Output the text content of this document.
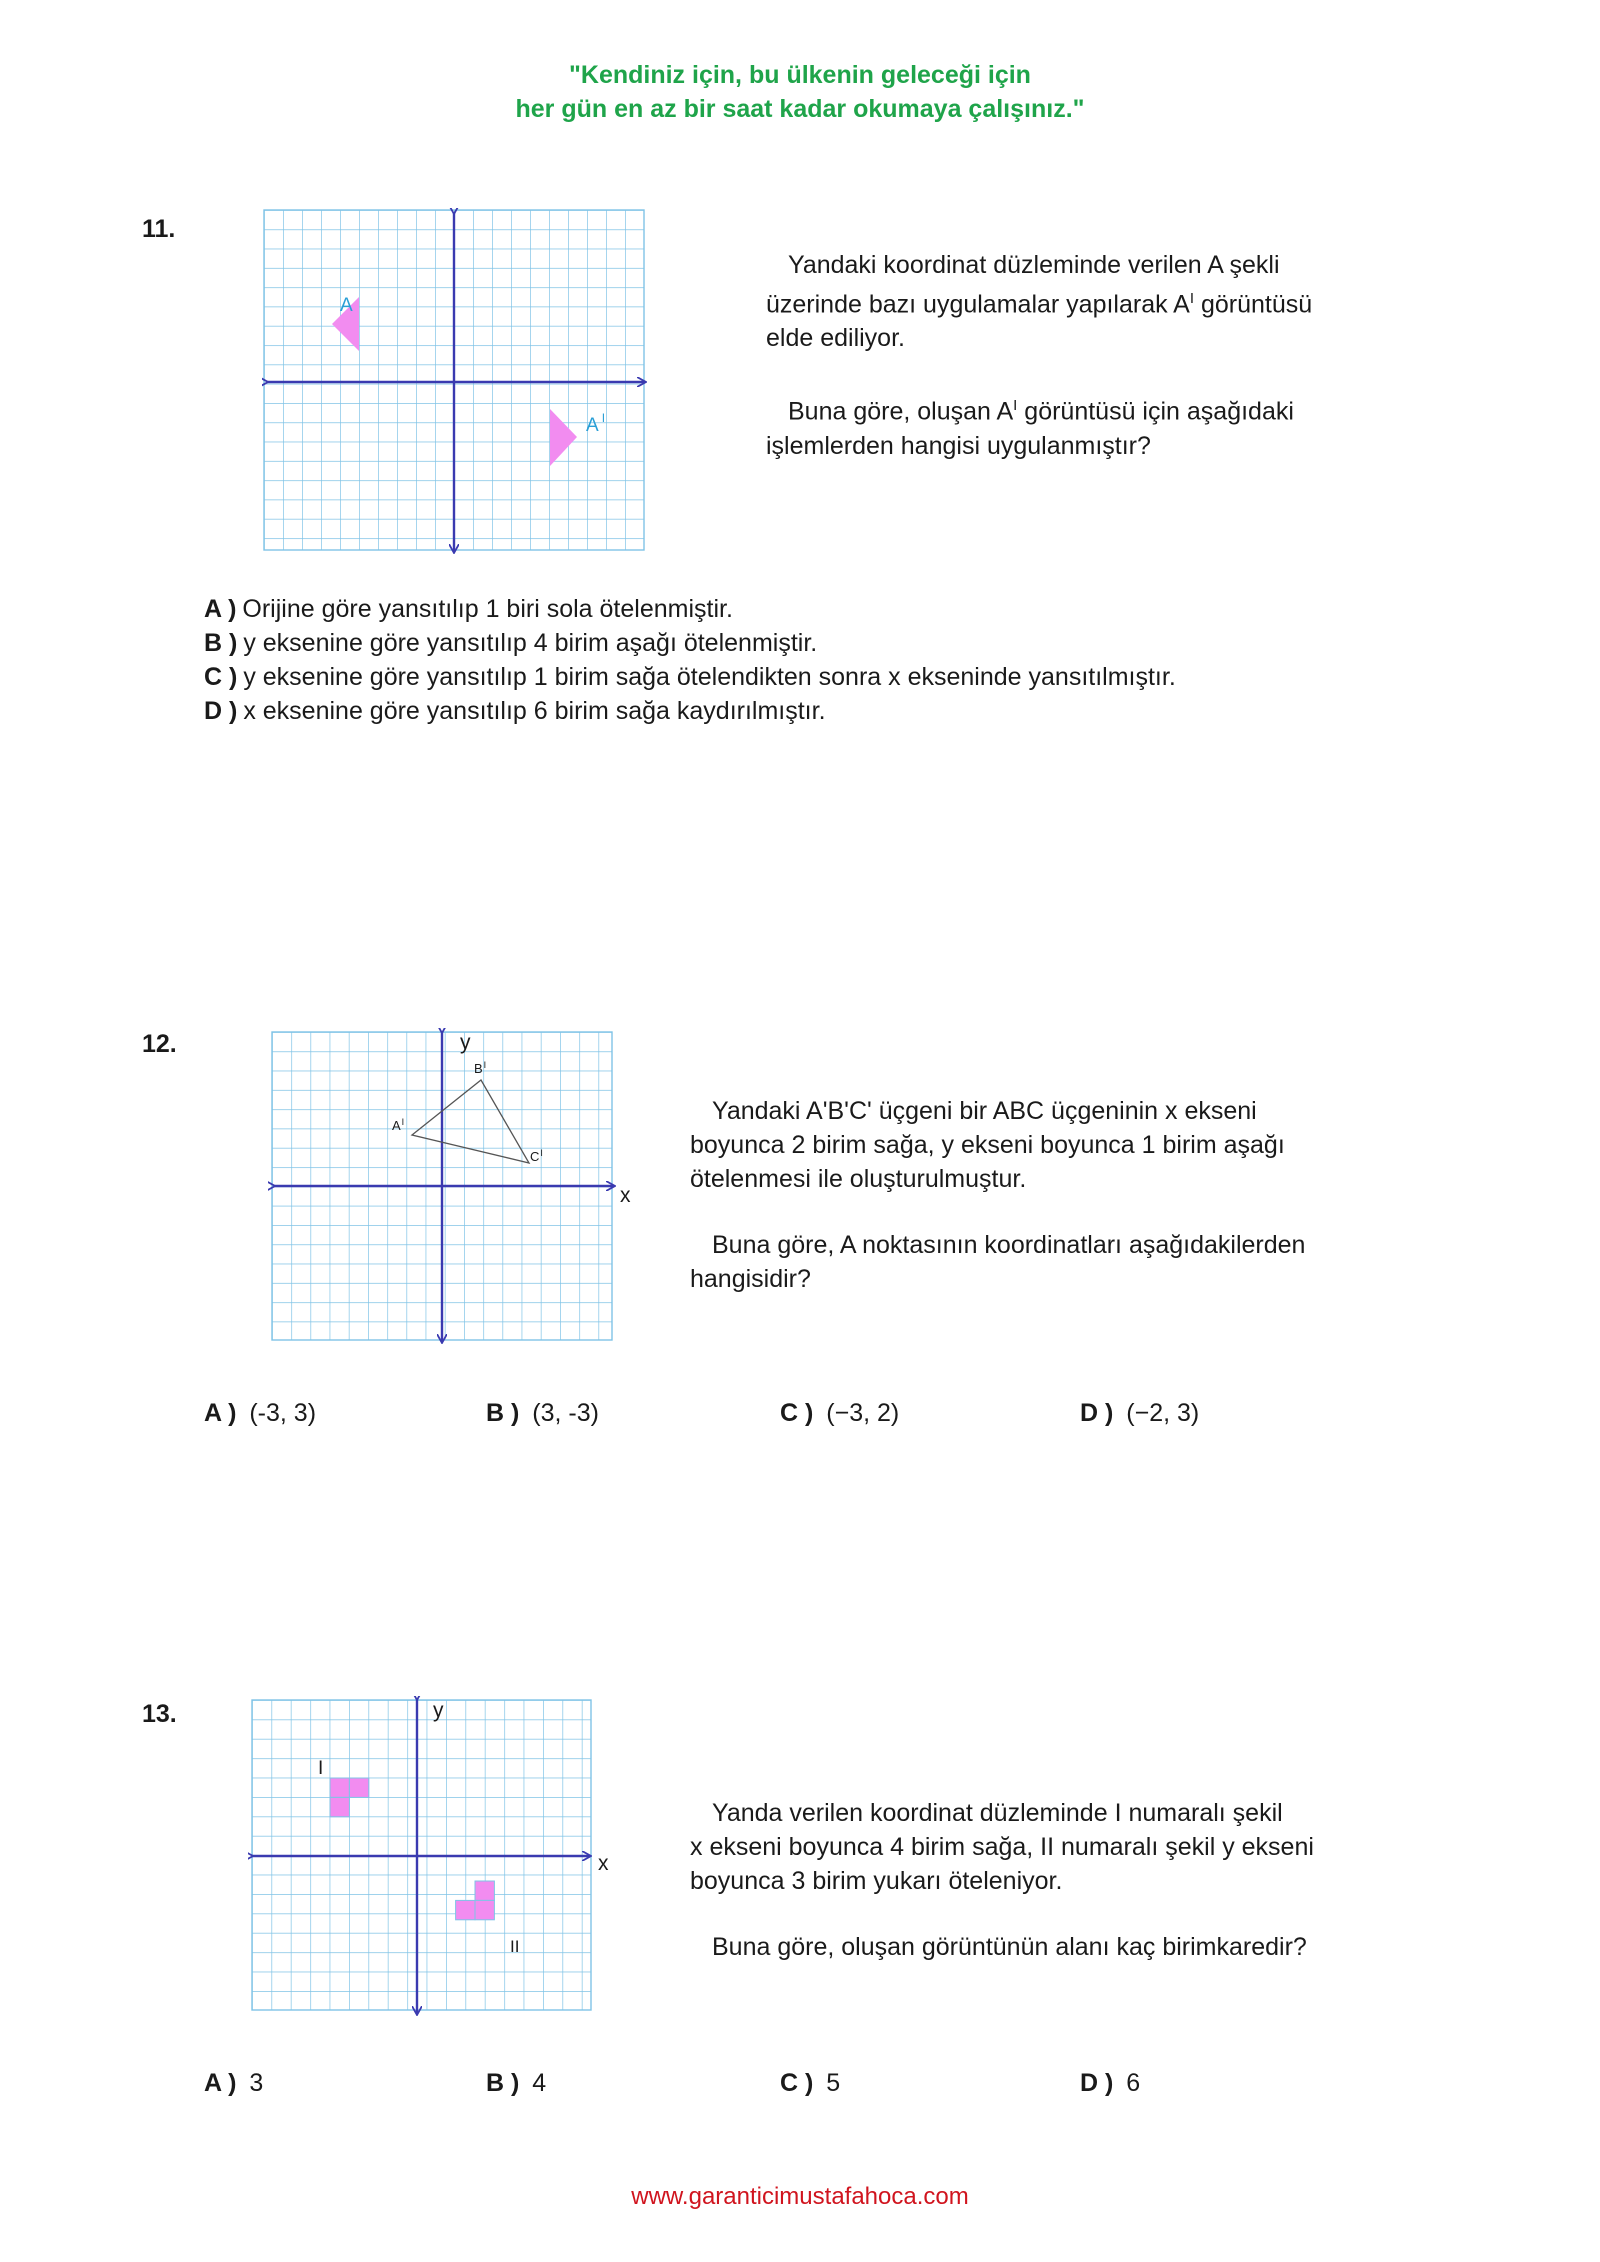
"Kendiniz için, bu ülkenin geleceği için
her gün en az bir saat kadar okumaya çalışınız."
11.
A
A $^I$

Yandaki koordinat düzleminde verilen A şekli

üzerinde bazı uygulamalar yapılarak $A^I$ görüntüsü

elde ediliyor.

Buna göre, oluşan $A^I$ görüntüsü için aşağıdaki

işlemlerden hangisi uygulanmıştır?

A ) Orijine göre yansıtılıp 1 biri sola ötelenmiştir.
B ) y eksenine göre yansıtılıp 4 birim aşağı ötelenmiştir.
C ) y eksenine göre yansıtılıp 1 birim sağa ötelendikten sonra x ekseninde yansıtılmıştır.
D ) x eksenine göre yansıtılıp 6 birim sağa kaydırılmıştır.
12.	y
x
$A^I$
$B^I$
$C^I$

Yandaki A'B'C' üçgeni bir ABC üçgeninin x ekseni

boyunca 2 birim sağa, y ekseni boyunca 1 birim aşağı

ötelenmesi ile oluşturulmuştur.

Buna göre, A noktasının koordinatları aşağıdakilerden

hangisidir?

A ) (-3, 3)	B ) (3, -3)	C ) (−3, 2)	D ) (−2, 3)
13.	y
x
I
II

Yanda verilen koordinat düzleminde I numaralı şekil

x ekseni boyunca 4 birim sağa, II numaralı şekil y ekseni

boyunca 3 birim yukarı öteleniyor.

Buna göre, oluşan görüntünün alanı kaç birimkaredir?

A ) 3	B ) 4	C ) 5	D ) 6
www.garanticimustafahoca.com
